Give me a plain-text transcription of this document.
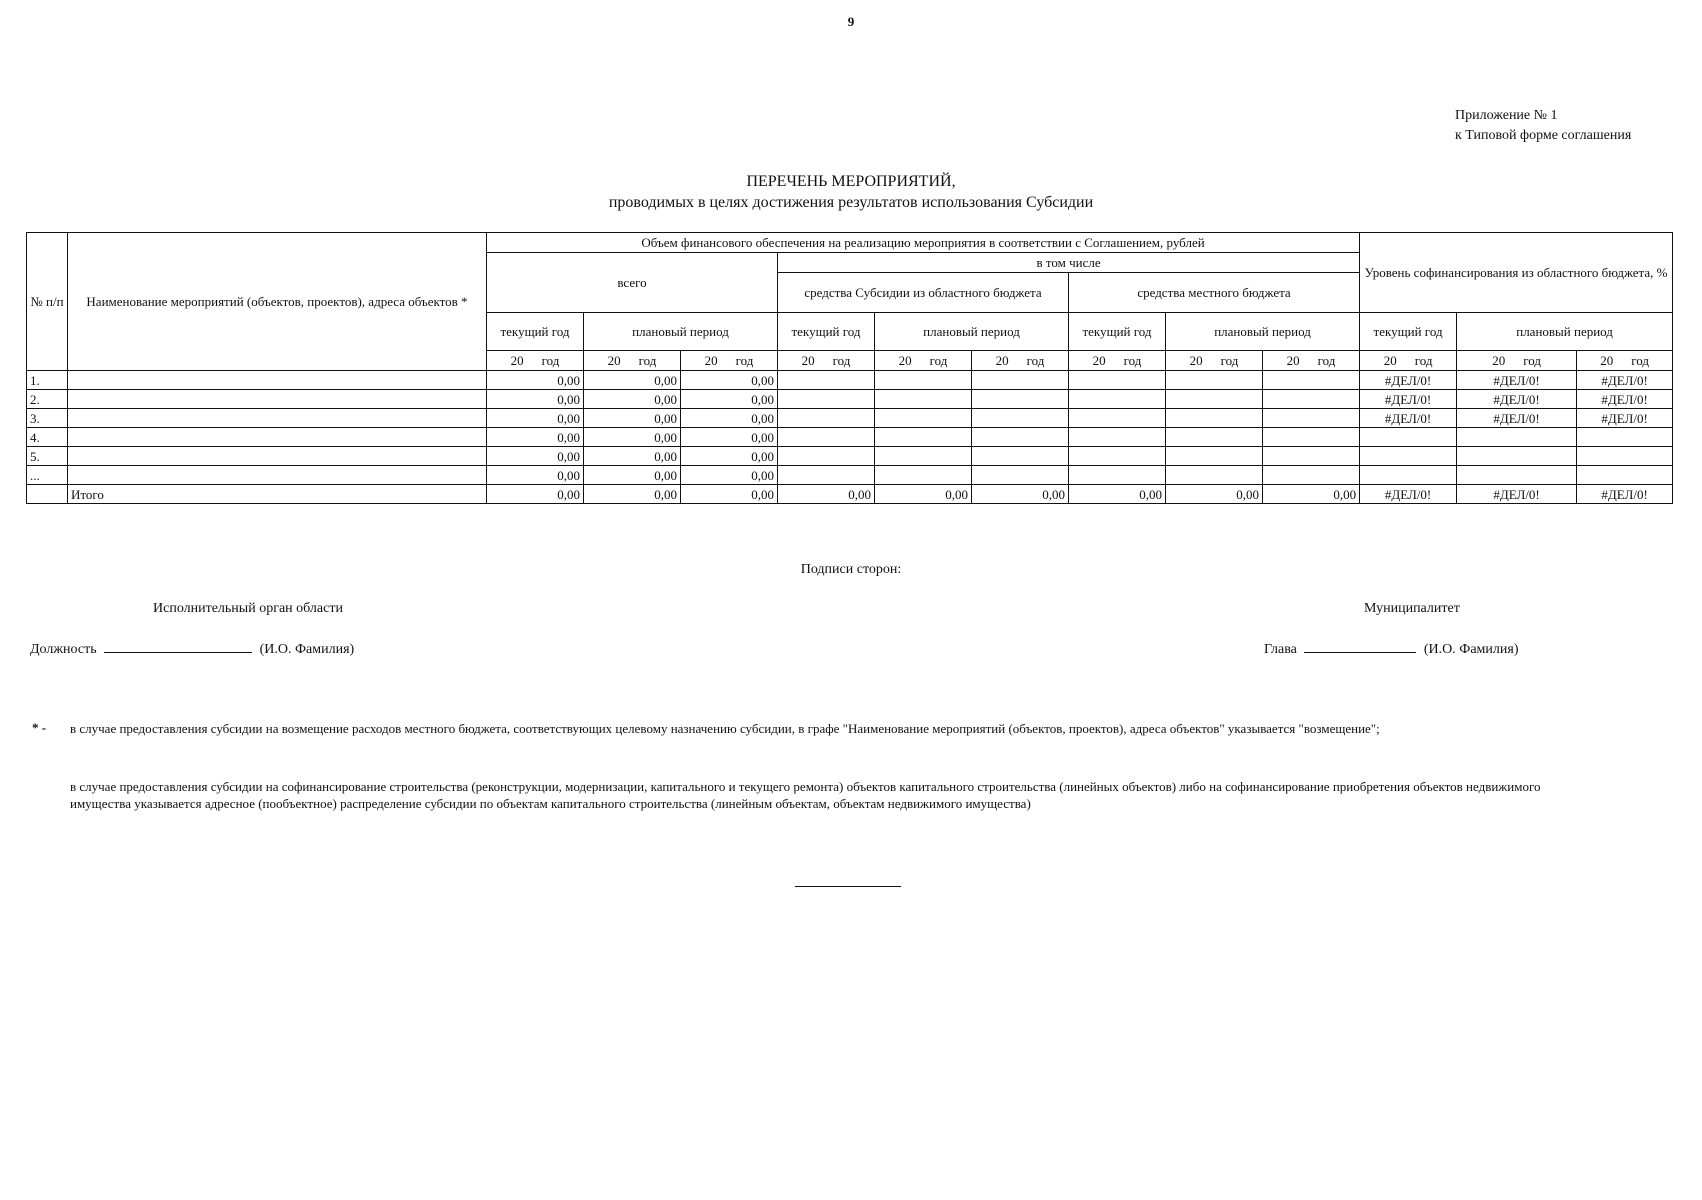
9
Приложение № 1
к Типовой форме соглашения
ПЕРЕЧЕНЬ МЕРОПРИЯТИЙ,
проводимых в целях достижения результатов использования Субсидии
№ п/п	Наименование мероприятий (объектов, проектов), адреса объектов *	Объем финансового обеспечения на реализацию мероприятия в соответствии с Соглашением, рублей									Уровень софинансирования из областного бюджета, %		
		всего			в том числе								
					средства Субсидии из областного бюджета			средства местного бюджета					
		текущий год	плановый период		текущий год	плановый период		текущий год	плановый период		текущий год	плановый период	
		20 год	20 год	20 год	20 год	20 год	20 год	20 год	20 год	20 год	20 год	20 год	20 год
1.		0,00	0,00	0,00							#ДЕЛ/0!	#ДЕЛ/0!	#ДЕЛ/0!
2.		0,00	0,00	0,00							#ДЕЛ/0!	#ДЕЛ/0!	#ДЕЛ/0!
3.		0,00	0,00	0,00							#ДЕЛ/0!	#ДЕЛ/0!	#ДЕЛ/0!
4.		0,00	0,00	0,00									
5.		0,00	0,00	0,00									
...		0,00	0,00	0,00									
	Итого	0,00	0,00	0,00	0,00	0,00	0,00	0,00	0,00	0,00	#ДЕЛ/0!	#ДЕЛ/0!	#ДЕЛ/0!
Подписи сторон:
Исполнительный орган области	Муниципалитет
Должность	(И.О. Фамилия)	Глава	(И.О. Фамилия)
* - в случае предоставления субсидии на возмещение расходов местного бюджета, соответствующих целевому назначению субсидии, в графе "Наименование мероприятий (объектов, проектов), адреса объектов" указывается "возмещение";
в случае предоставления субсидии на софинансирование строительства (реконструкции, модернизации, капитального и текущего ремонта) объектов капитального строительства (линейных объектов) либо на софинансирование приобретения объектов недвижимого имущества указывается адресное (пообъектное) распределение субсидии по объектам капитального строительства (линейным объектам, объектам недвижимого имущества)
